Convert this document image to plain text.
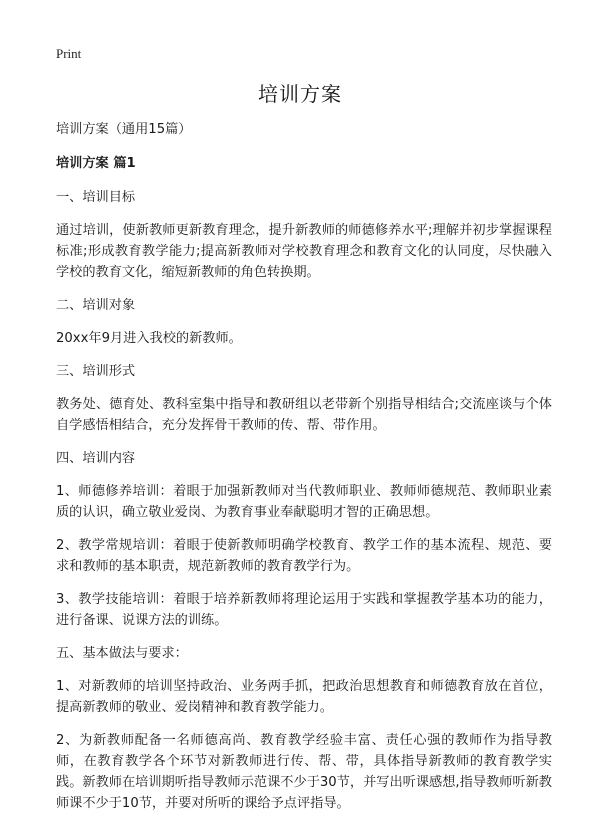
Print
培训方案

培训方案（通用15篇）

培训方案 篇1

一、培训目标

通过培训，使新教师更新教育理念，提升新教师的师德修养水平;理解并初步掌握课程标准;形成教育教学能力;提高新教师对学校教育理念和教育文化的认同度，尽快融入学校的教育文化，缩短新教师的角色转换期。

二、培训对象

20xx年9月进入我校的新教师。

三、培训形式

教务处、德育处、教科室集中指导和教研组以老带新个别指导相结合;交流座谈与个体自学感悟相结合，充分发挥骨干教师的传、帮、带作用。

四、培训内容

1、师德修养培训：着眼于加强新教师对当代教师职业、教师师德规范、教师职业素质的认识，确立敬业爱岗、为教育事业奉献聪明才智的正确思想。

2、教学常规培训：着眼于使新教师明确学校教育、教学工作的基本流程、规范、要求和教师的基本职责，规范新教师的教育教学行为。

3、教学技能培训：着眼于培养新教师将理论运用于实践和掌握教学基本功的能力，进行备课、说课方法的训练。

五、基本做法与要求：

1、对新教师的培训坚持政治、业务两手抓，把政治思想教育和师德教育放在首位，提高新教师的敬业、爱岗精神和教育教学能力。

2、为新教师配备一名师德高尚、教育教学经验丰富、责任心强的教师作为指导教师，在教育教学各个环节对新教师进行传、帮、带，具体指导新教师的教育教学实践。新教师在培训期听指导教师示范课不少于30节，并写出听课感想,指导教师听新教师课不少于10节，并要对所听的课给予点评指导。
